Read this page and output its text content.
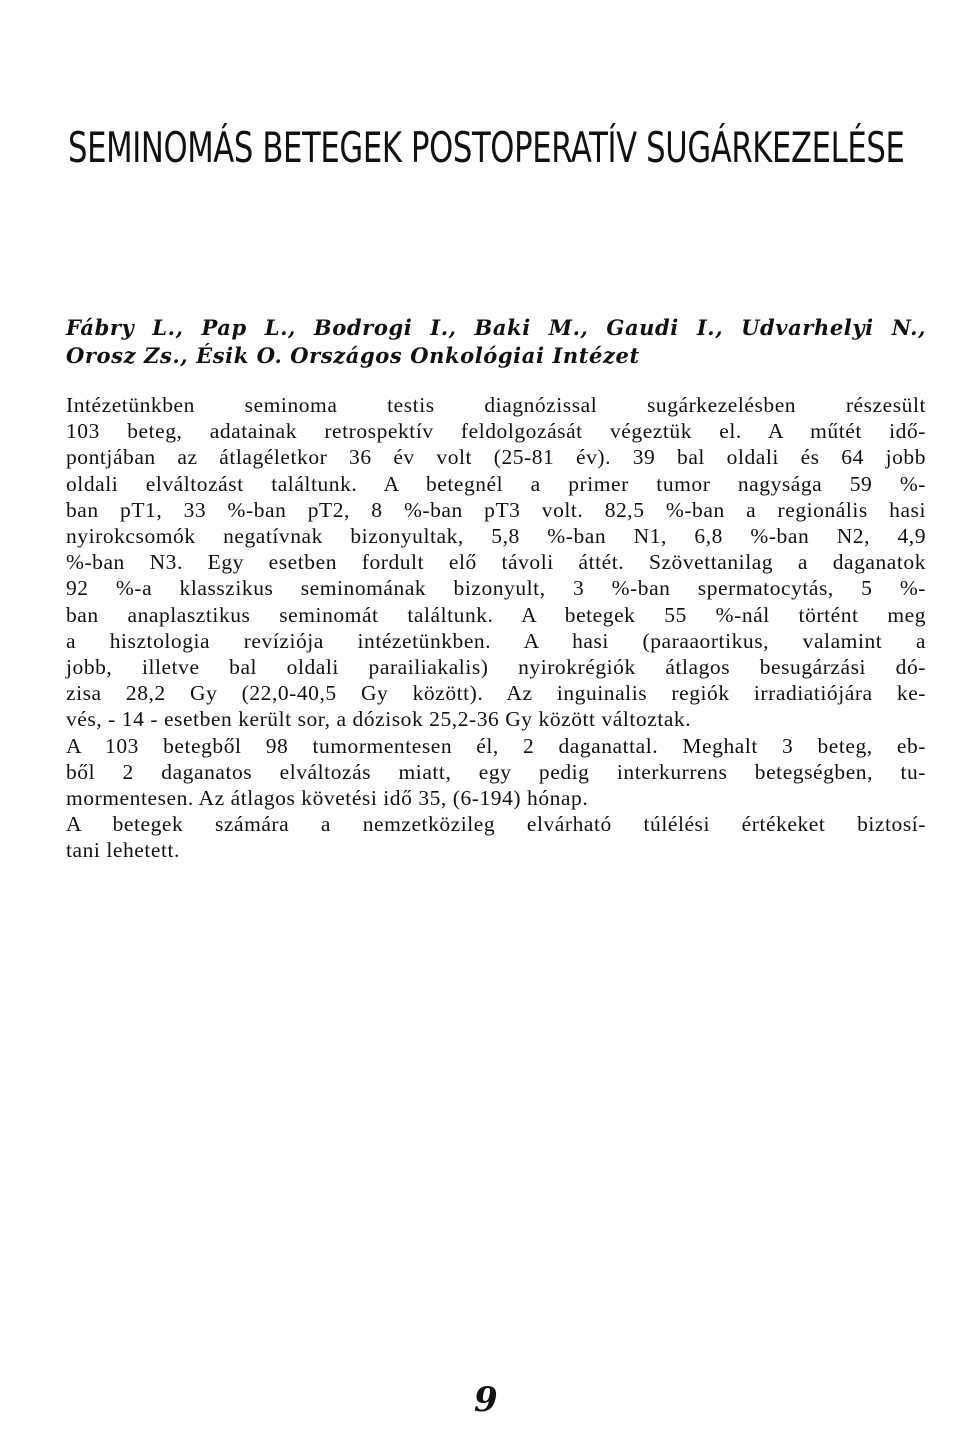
SEMINOMÁS BETEGEK POSTOPERATÍV SUGÁRKEZELÉSE

Fábry L., Pap L., Bodrogi I., Baki M., Gaudi I., Udvarhelyi N.,

Orosz Zs., Ésik O. Országos Onkológiai Intézet

Intézetünkben seminoma testis diagnózissal sugárkezelésben részesült
103 beteg, adatainak retrospektív feldolgozását végeztük el. A műtét idő-
pontjában az átlagéletkor 36 év volt (25-81 év). 39 bal oldali és 64 jobb
oldali elváltozást találtunk. A betegnél a primer tumor nagysága 59 %-
ban pT1, 33 %-ban pT2, 8 %-ban pT3 volt. 82,5 %-ban a regionális hasi
nyirokcsomók negatívnak bizonyultak, 5,8 %-ban N1, 6,8 %-ban N2, 4,9
%-ban N3. Egy esetben fordult elő távoli áttét. Szövettanilag a daganatok
92 %-a klasszikus seminomának bizonyult, 3 %-ban spermatocytás, 5 %-
ban anaplasztikus seminomát találtunk. A betegek 55 %-nál történt meg
a hisztologia revíziója intézetünkben. A hasi (paraaortikus, valamint a
jobb, illetve bal oldali parailiakalis) nyirokrégiók átlagos besugárzási dó-
zisa 28,2 Gy (22,0-40,5 Gy között). Az inguinalis regiók irradiatiójára ke-
vés, - 14 - esetben került sor, a dózisok 25,2-36 Gy között változtak.
A 103 betegből 98 tumormentesen él, 2 daganattal. Meghalt 3 beteg, eb-
ből 2 daganatos elváltozás miatt, egy pedig interkurrens betegségben, tu-
mormentesen. Az átlagos követési idő 35, (6-194) hónap.
A betegek számára a nemzetközileg elvárható túlélési értékeket biztosí-
tani lehetett.

9
